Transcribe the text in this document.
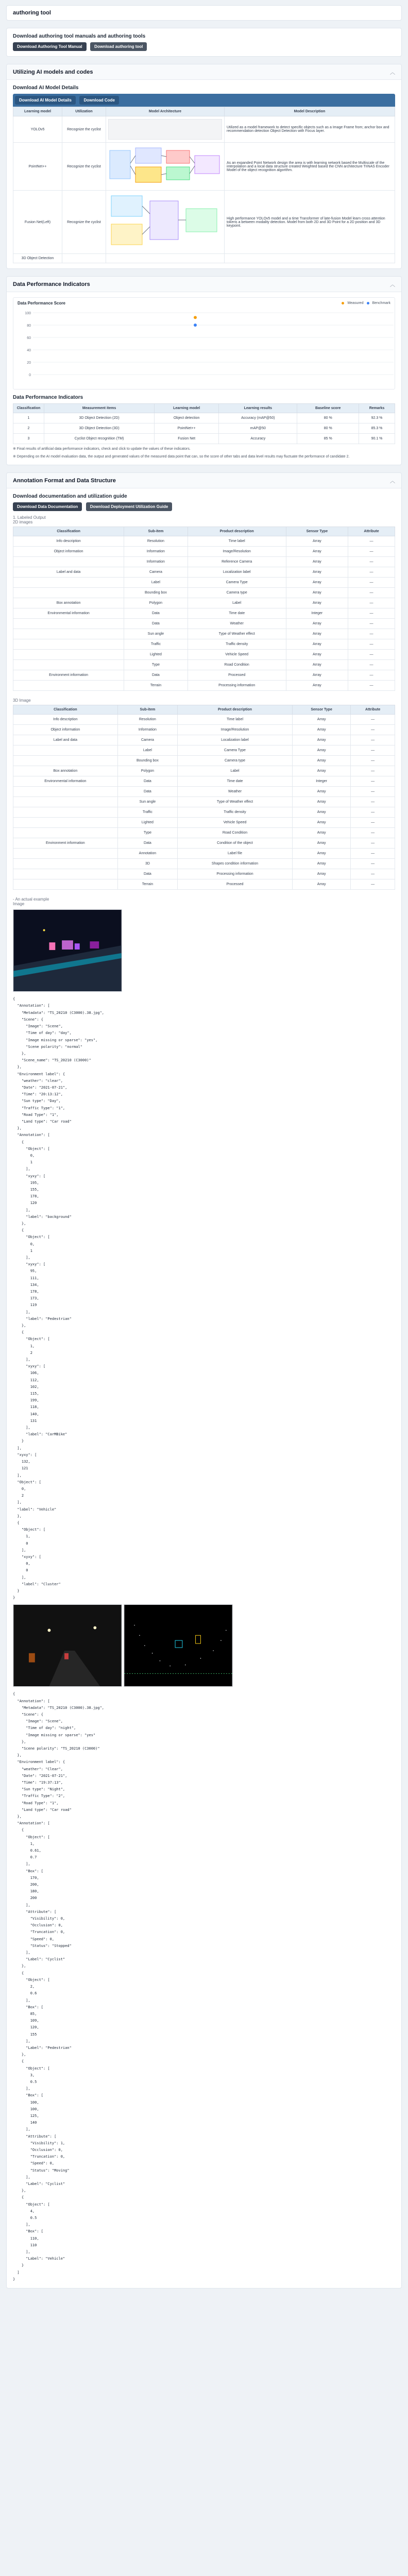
authoring tool
Download authoring tool manuals and authoring tools
Download Authoring Tool Manual	Download authoring tool
Utilizing AI models and codes	︿
Download AI Model Details
Download AI Model Details	Download Code
Learning model	Utilization	Model Architecture	Model Description
YOLOv5	Recognize the cyclist		Utilized as a model framework to detect specific objects such as a Image Frame from; anchor box and recommendation detection Object Detection with Focus layer.
PointNet++	Recognize the cyclist		As an expanded Point Network design the area is with learning network based the Multiscale of the interpolation and a local data structure created Weighted based the CNN architecture TriNAS Encoder Model of the object recognition algorithm.
Fusion Net(Left)	Recognize the cyclist		High performance YOLOv5 model and a time Transformer of late-fusion Model learn cross attention tokens a between modality detection. Model from both 2D and 3D Point for a 2D position and 3D keypoint.
3D Object Detection			
Data Performance Indicators	︿
Data Performance Score	Measured Benchmark
0
20
40
60
80
100
Data Performance Indicators
Classification	Measurement items	Learning model	Learning results	Baseline score	Remarks
1	3D Object Detection (2D)	Object detection	Accuracy (mAP@50)	80 %	92.3 %
2	3D Object Detection (3D)	PointNet++	mAP@50	80 %	85.3 %
3	Cyclist Object recognition (TM)	Fusion Net	Accuracy	85 %	90.1 %
※ Final results of artificial data performance indicators, check and click to update the values of these indicators.
※ Depending on the AI model evaluation data, the output and generated values of the measured data point that can, so the score of other tabs and data level results may fluctuate the performance of candidate 2.
Annotation Format and Data Structure	︿
Download documentation and utilization guide
Download Data Documentation	Download Deployment Utilization Guide
1. Labeled Output
2D images
Classification	Sub-item	Product description	Sensor Type	Attribute
Info description	Resolution	Time label	Array	—
Object information	Information	Image/Resolution	Array	—
	Information	Reference Camera	Array	—
Label and data	Camera	Localization label	Array	—
	Label	Camera Type	Array	—
	Bounding box	Camera type	Array	—
Box annotation	Polygon	Label	Array	—
Environmental information	Data	Time date	Integer	—
	Data	Weather	Array	—
	Sun angle	Type of Weather effect	Array	—
	Traffic	Traffic density	Array	—
	Lighted	Vehicle Speed	Array	—
	Type	Road Condition	Array	—
Environment information	Data	Processed	Array	—
	Terrain	Processing information	Array	—
3D Image
Classification	Sub-item	Product description	Sensor Type	Attribute
Info description	Resolution	Time label	Array	—
Object information	Information	Image/Resolution	Array	—
Label and data	Camera	Localization label	Array	—
	Label	Camera Type	Array	—
	Bounding box	Camera type	Array	—
Box annotation	Polygon	Label	Array	—
Environmental information	Data	Time date	Integer	—
	Data	Weather	Array	—
	Sun angle	Type of Weather effect	Array	—
	Traffic	Traffic density	Array	—
	Lighted	Vehicle Speed	Array	—
	Type	Road Condition	Array	—
Environment information	Data	Condition of the object	Array	—
	Annotation	Label file	Array	—
	3D	Shapes condition information	Array	—
	Data	Processing information	Array	—
	Terrain	Processed	Array	—
- An actual example
Image
{
"Annotation": [
"Metadata": "TS_20210 (C3000).38.jpg",
"Scene": {
"Image": "Scene",
"Time of day": "day",
"Image missing or sparse": "yes",
"Scene polarity": "normal"
},
"Scene_name": "TS_20210 (C3000)"
},
"Environment label": {
"weather": "clear",
"Date": "2021-07-21",
"Time": "20:13:12",
"Sun type": "Day",
"Traffic Type": "1",
"Road Type": "1",
"Land type": "Car road"
},
"Annotation": [
{
"Object": [
0,
1
],
"xyxy": [
195,
155,
178,
120
],
"label": "background"
},
{
"Object": [
0,
1
],
"xyxy": [
95,
111,
134,
178,
173,
119
],
"label": "Pedestrian"
},
{
"Object": [
1,
2
],
"xyxy": [
106,
112,
102,
115,
199,
118,
140,
131
],
"label": "CarMBike"
}
],
"xyxy": [
132,
121
],
"Object": [
0,
2
],
"label": "Vehicle"
},
{
"Object": [
1,
0
],
"xyxy": [
0,
0
],
"label": "Cluster"
}
}

{
"Annotation": [
"Metadata": "TS_20210 (C3000).38.jpg",
"Scene": {
"Image": "Scene",
"Time of day": "night",
"Image missing or sparse": "yes"
},
"Scene polarity": "TS_20210 (C3000)"
},
"Environment label": {
"weather": "Clear",
"Date": "2021-07-21",
"Time": "19:37:13",
"Sun type": "Night",
"Traffic Type": "2",
"Road Type": "1",
"Land type": "Car road"
},
"Annotation": [
{
"Object": [
1,
0.61,
0.7
],
"Box": [
170,
200,
180,
200
],
"Attribute": [
"Visibility": 0,
"Occlusion": 0,
"Truncation": 0,
"Speed": 0,
"Status": "Stopped"
],
"Label": "Cyclist"
},
{
"Object": [
2,
0.6
],
"Box": [
85,
109,
120,
155
],
"Label": "Pedestrian"
},
{
"Object": [
3,
0.5
],
"Box": [
100,
100,
125,
140
],
"Attribute": [
"Visibility": 1,
"Occlusion": 0,
"Truncation": 0,
"Speed": 0,
"Status": "Moving"
],
"Label": "Cyclist"
},
{
"Object": [
4,
0.5
],
"Box": [
110,
110
],
"Label": "Vehicle"
}
]
}
